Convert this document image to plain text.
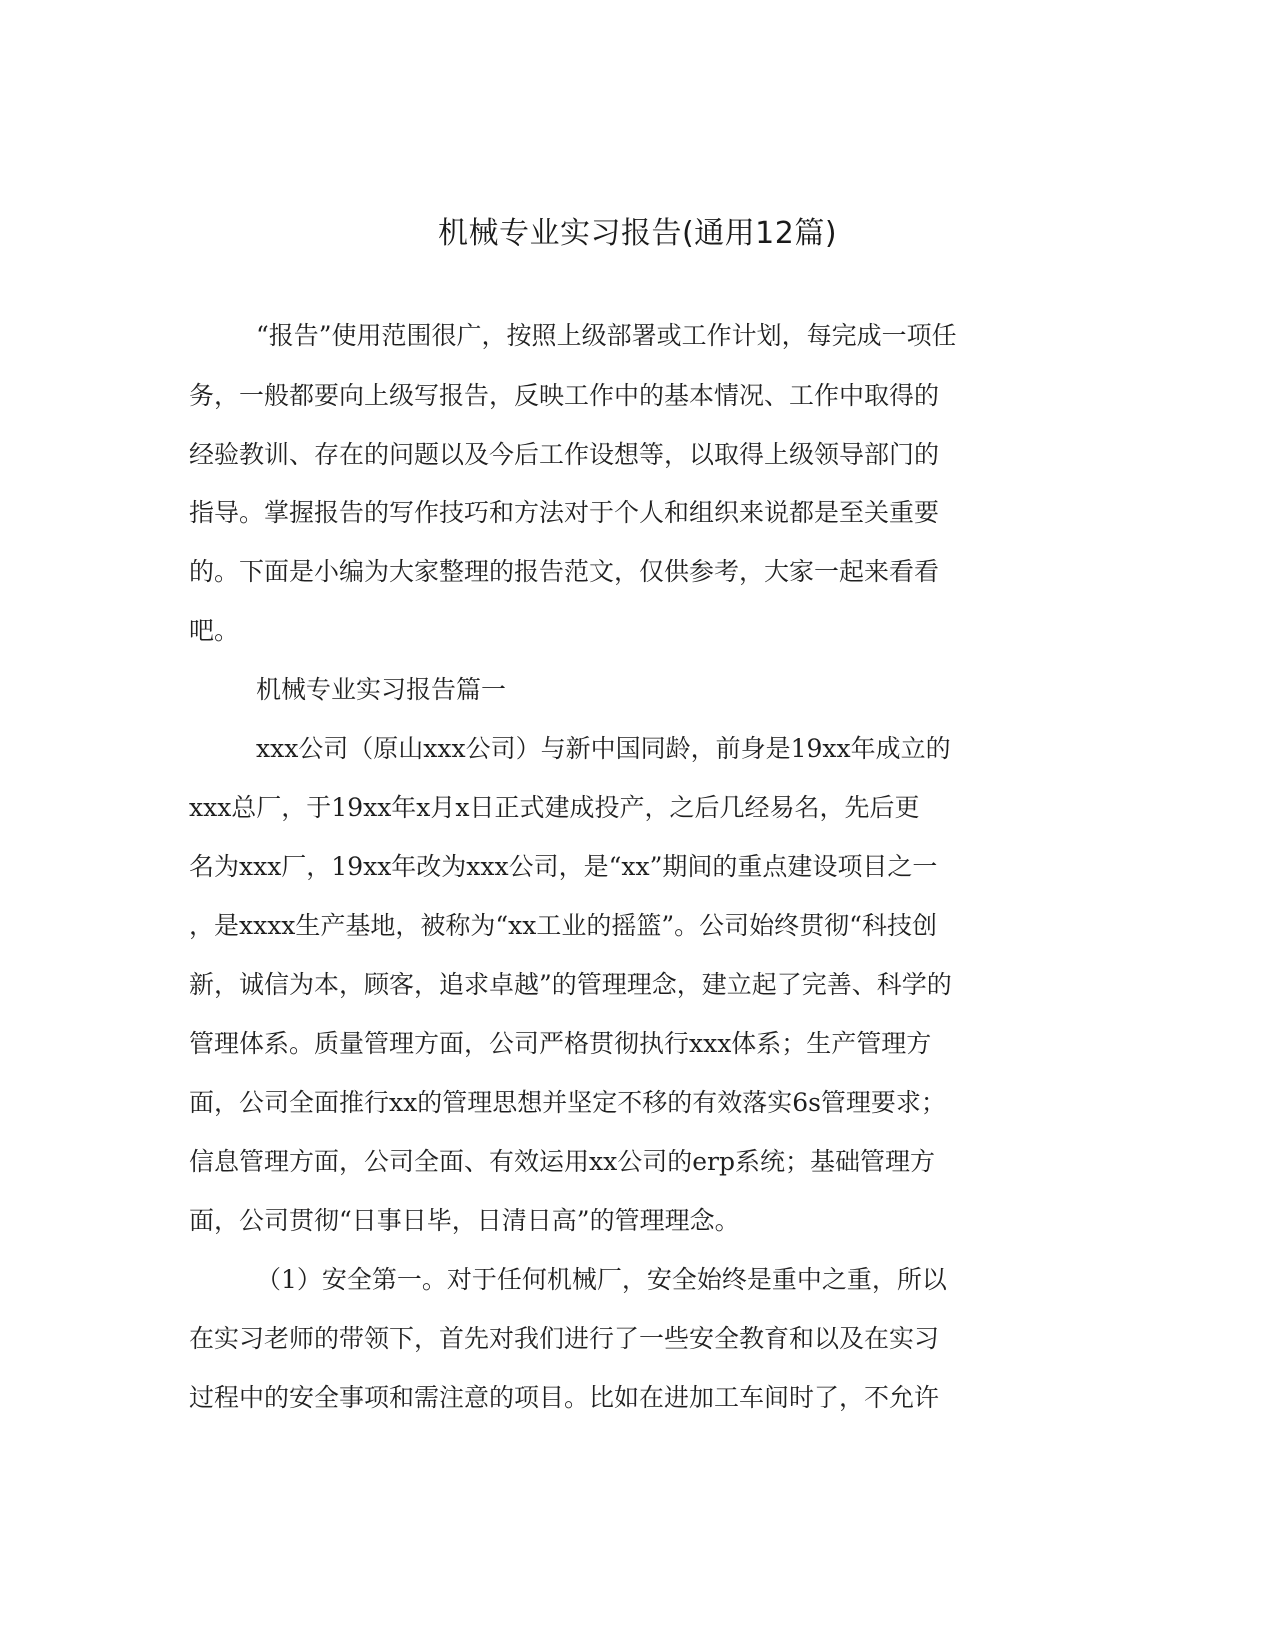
机械专业实习报告(通用12篇)
“报告”使用范围很广，按照上级部署或工作计划，每完成一项任
务，一般都要向上级写报告，反映工作中的基本情况、工作中取得的
经验教训、存在的问题以及今后工作设想等，以取得上级领导部门的
指导。掌握报告的写作技巧和方法对于个人和组织来说都是至关重要
的。下面是小编为大家整理的报告范文，仅供参考，大家一起来看看
吧。
机械专业实习报告篇一
xxx公司（原山xxx公司）与新中国同龄，前身是19xx年成立的
xxx总厂，于19xx年x月x日正式建成投产，之后几经易名，先后更
名为xxx厂，19xx年改为xxx公司，是“xx”期间的重点建设项目之一
，是xxxx生产基地，被称为“xx工业的摇篮”。公司始终贯彻“科技创
新，诚信为本，顾客，追求卓越”的管理理念，建立起了完善、科学的
管理体系。质量管理方面，公司严格贯彻执行xxx体系；生产管理方
面，公司全面推行xx的管理思想并坚定不移的有效落实6s管理要求；
信息管理方面，公司全面、有效运用xx公司的erp系统；基础管理方
面，公司贯彻“日事日毕，日清日高”的管理理念。
（1）安全第一。对于任何机械厂，安全始终是重中之重，所以
在实习老师的带领下，首先对我们进行了一些安全教育和以及在实习
过程中的安全事项和需注意的项目。比如在进加工车间时了，不允许
